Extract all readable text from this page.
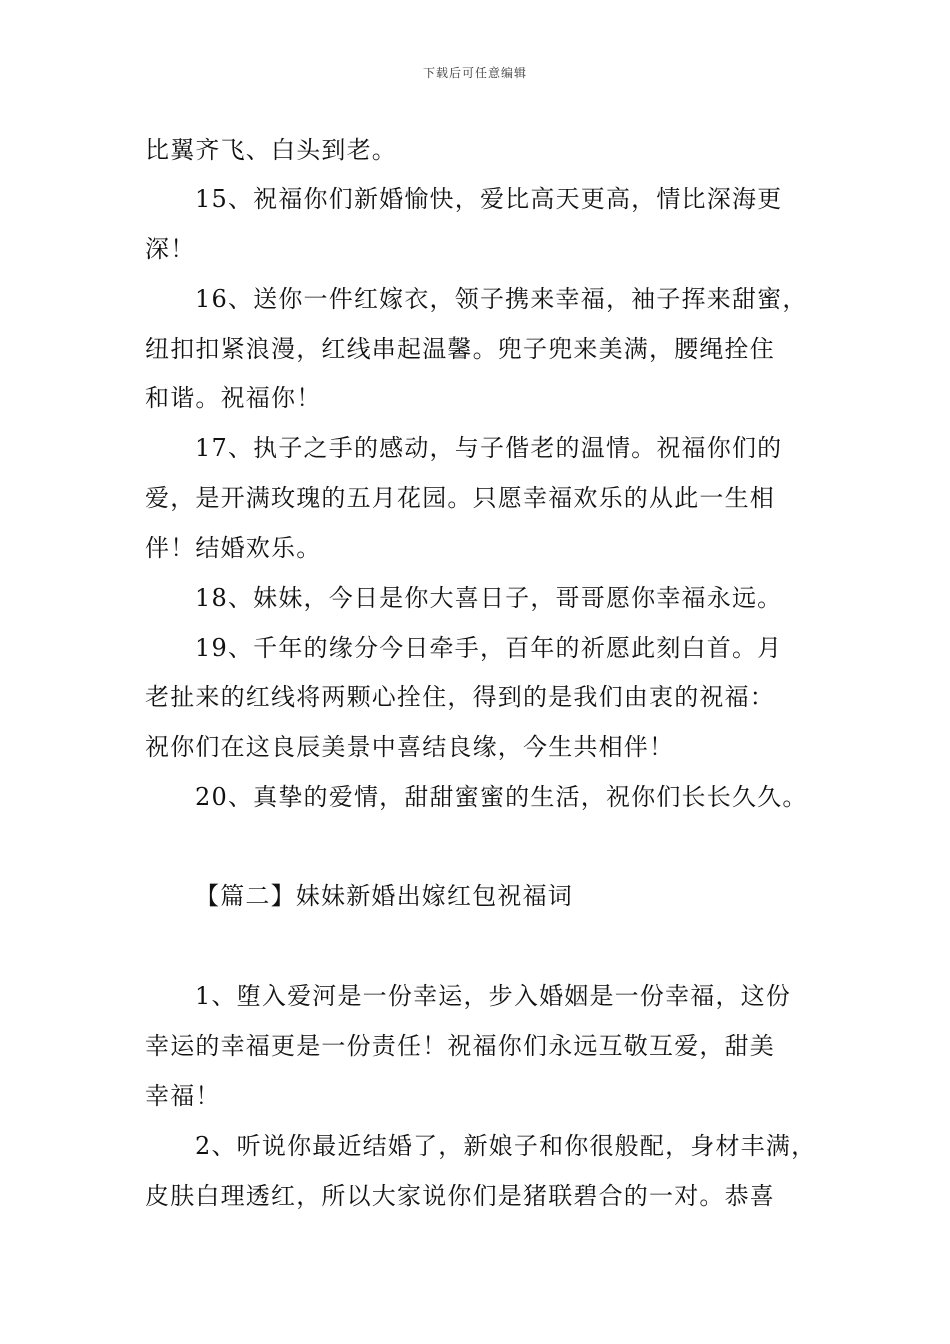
下载后可任意编辑
比翼齐飞、白头到老。
15、祝福你们新婚愉快，爱比高天更高，情比深海更
深！
16、送你一件红嫁衣，领子携来幸福，袖子挥来甜蜜，
纽扣扣紧浪漫，红线串起温馨。兜子兜来美满，腰绳拴住
和谐。祝福你！
17、执子之手的感动，与子偕老的温情。祝福你们的
爱，是开满玫瑰的五月花园。只愿幸福欢乐的从此一生相
伴！结婚欢乐。
18、妹妹，今日是你大喜日子，哥哥愿你幸福永远。
19、千年的缘分今日牵手，百年的祈愿此刻白首。月
老扯来的红线将两颗心拴住，得到的是我们由衷的祝福：
祝你们在这良辰美景中喜结良缘，今生共相伴！
20、真挚的爱情，甜甜蜜蜜的生活，祝你们长长久久。
【篇二】妹妹新婚出嫁红包祝福词
1、堕入爱河是一份幸运，步入婚姻是一份幸福，这份
幸运的幸福更是一份责任！祝福你们永远互敬互爱，甜美
幸福！
2、听说你最近结婚了，新娘子和你很般配，身材丰满，
皮肤白理透红，所以大家说你们是猪联碧合的一对。恭喜
